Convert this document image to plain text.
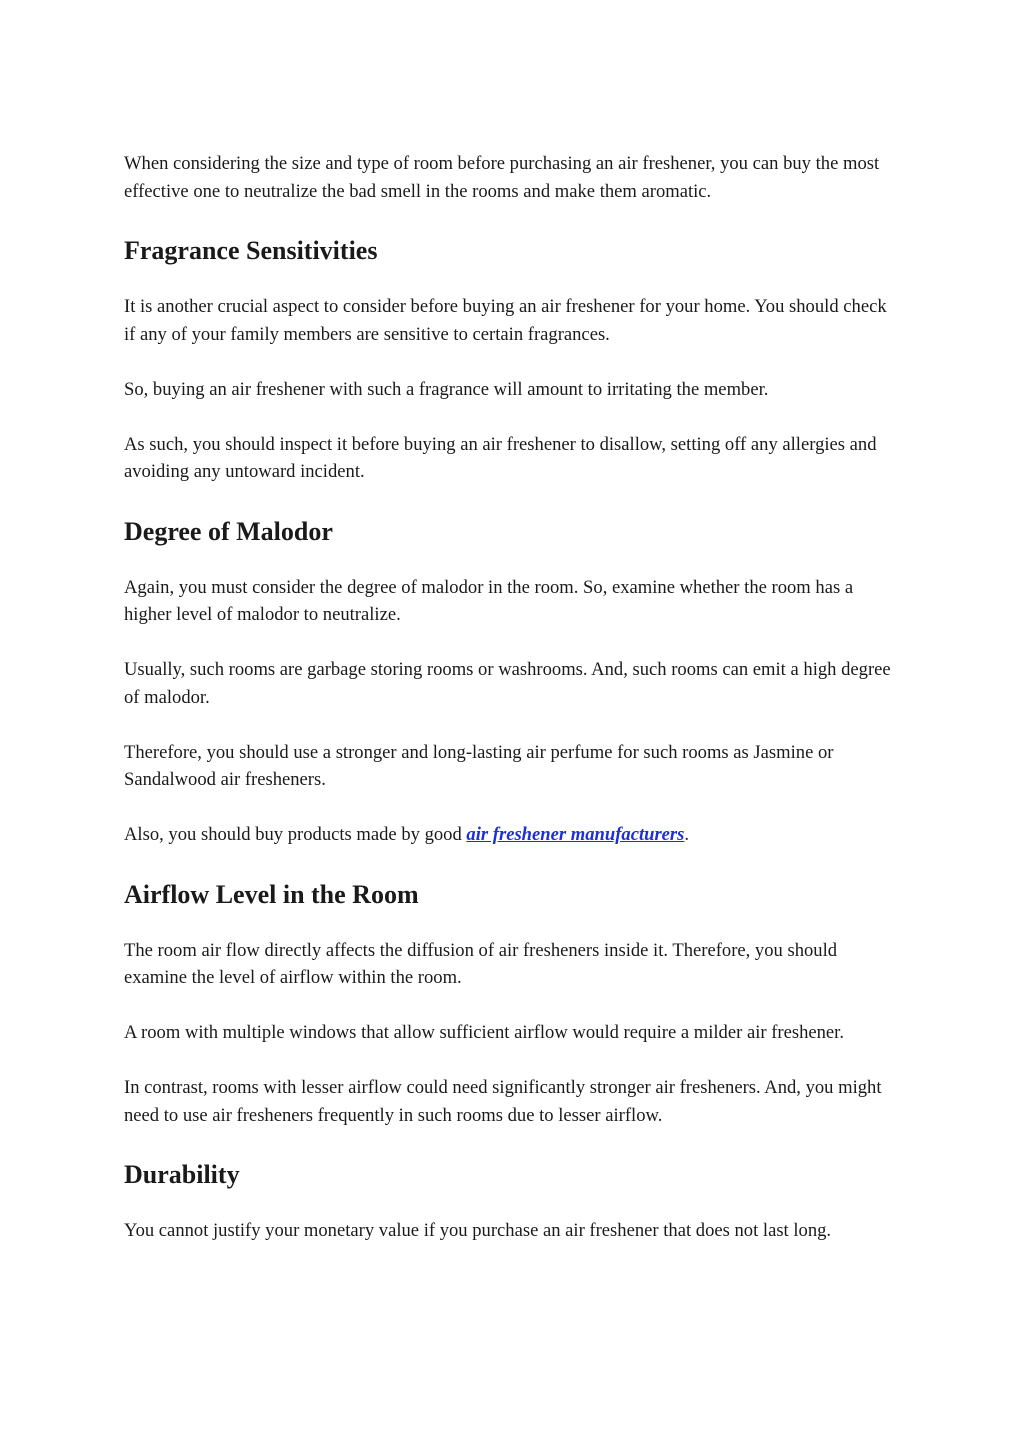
When considering the size and type of room before purchasing an air freshener, you can buy the most effective one to neutralize the bad smell in the rooms and make them aromatic.

Fragrance Sensitivities

It is another crucial aspect to consider before buying an air freshener for your home. You should check if any of your family members are sensitive to certain fragrances.

So, buying an air freshener with such a fragrance will amount to irritating the member.

As such, you should inspect it before buying an air freshener to disallow, setting off any allergies and avoiding any untoward incident.

Degree of Malodor

Again, you must consider the degree of malodor in the room. So, examine whether the room has a higher level of malodor to neutralize.

Usually, such rooms are garbage storing rooms or washrooms. And, such rooms can emit a high degree of malodor.

Therefore, you should use a stronger and long-lasting air perfume for such rooms as Jasmine or Sandalwood air fresheners.

Also, you should buy products made by good air freshener manufacturers.

Airflow Level in the Room

The room air flow directly affects the diffusion of air fresheners inside it. Therefore, you should examine the level of airflow within the room.

A room with multiple windows that allow sufficient airflow would require a milder air freshener.

In contrast, rooms with lesser airflow could need significantly stronger air fresheners. And, you might need to use air fresheners frequently in such rooms due to lesser airflow.

Durability

You cannot justify your monetary value if you purchase an air freshener that does not last long.
